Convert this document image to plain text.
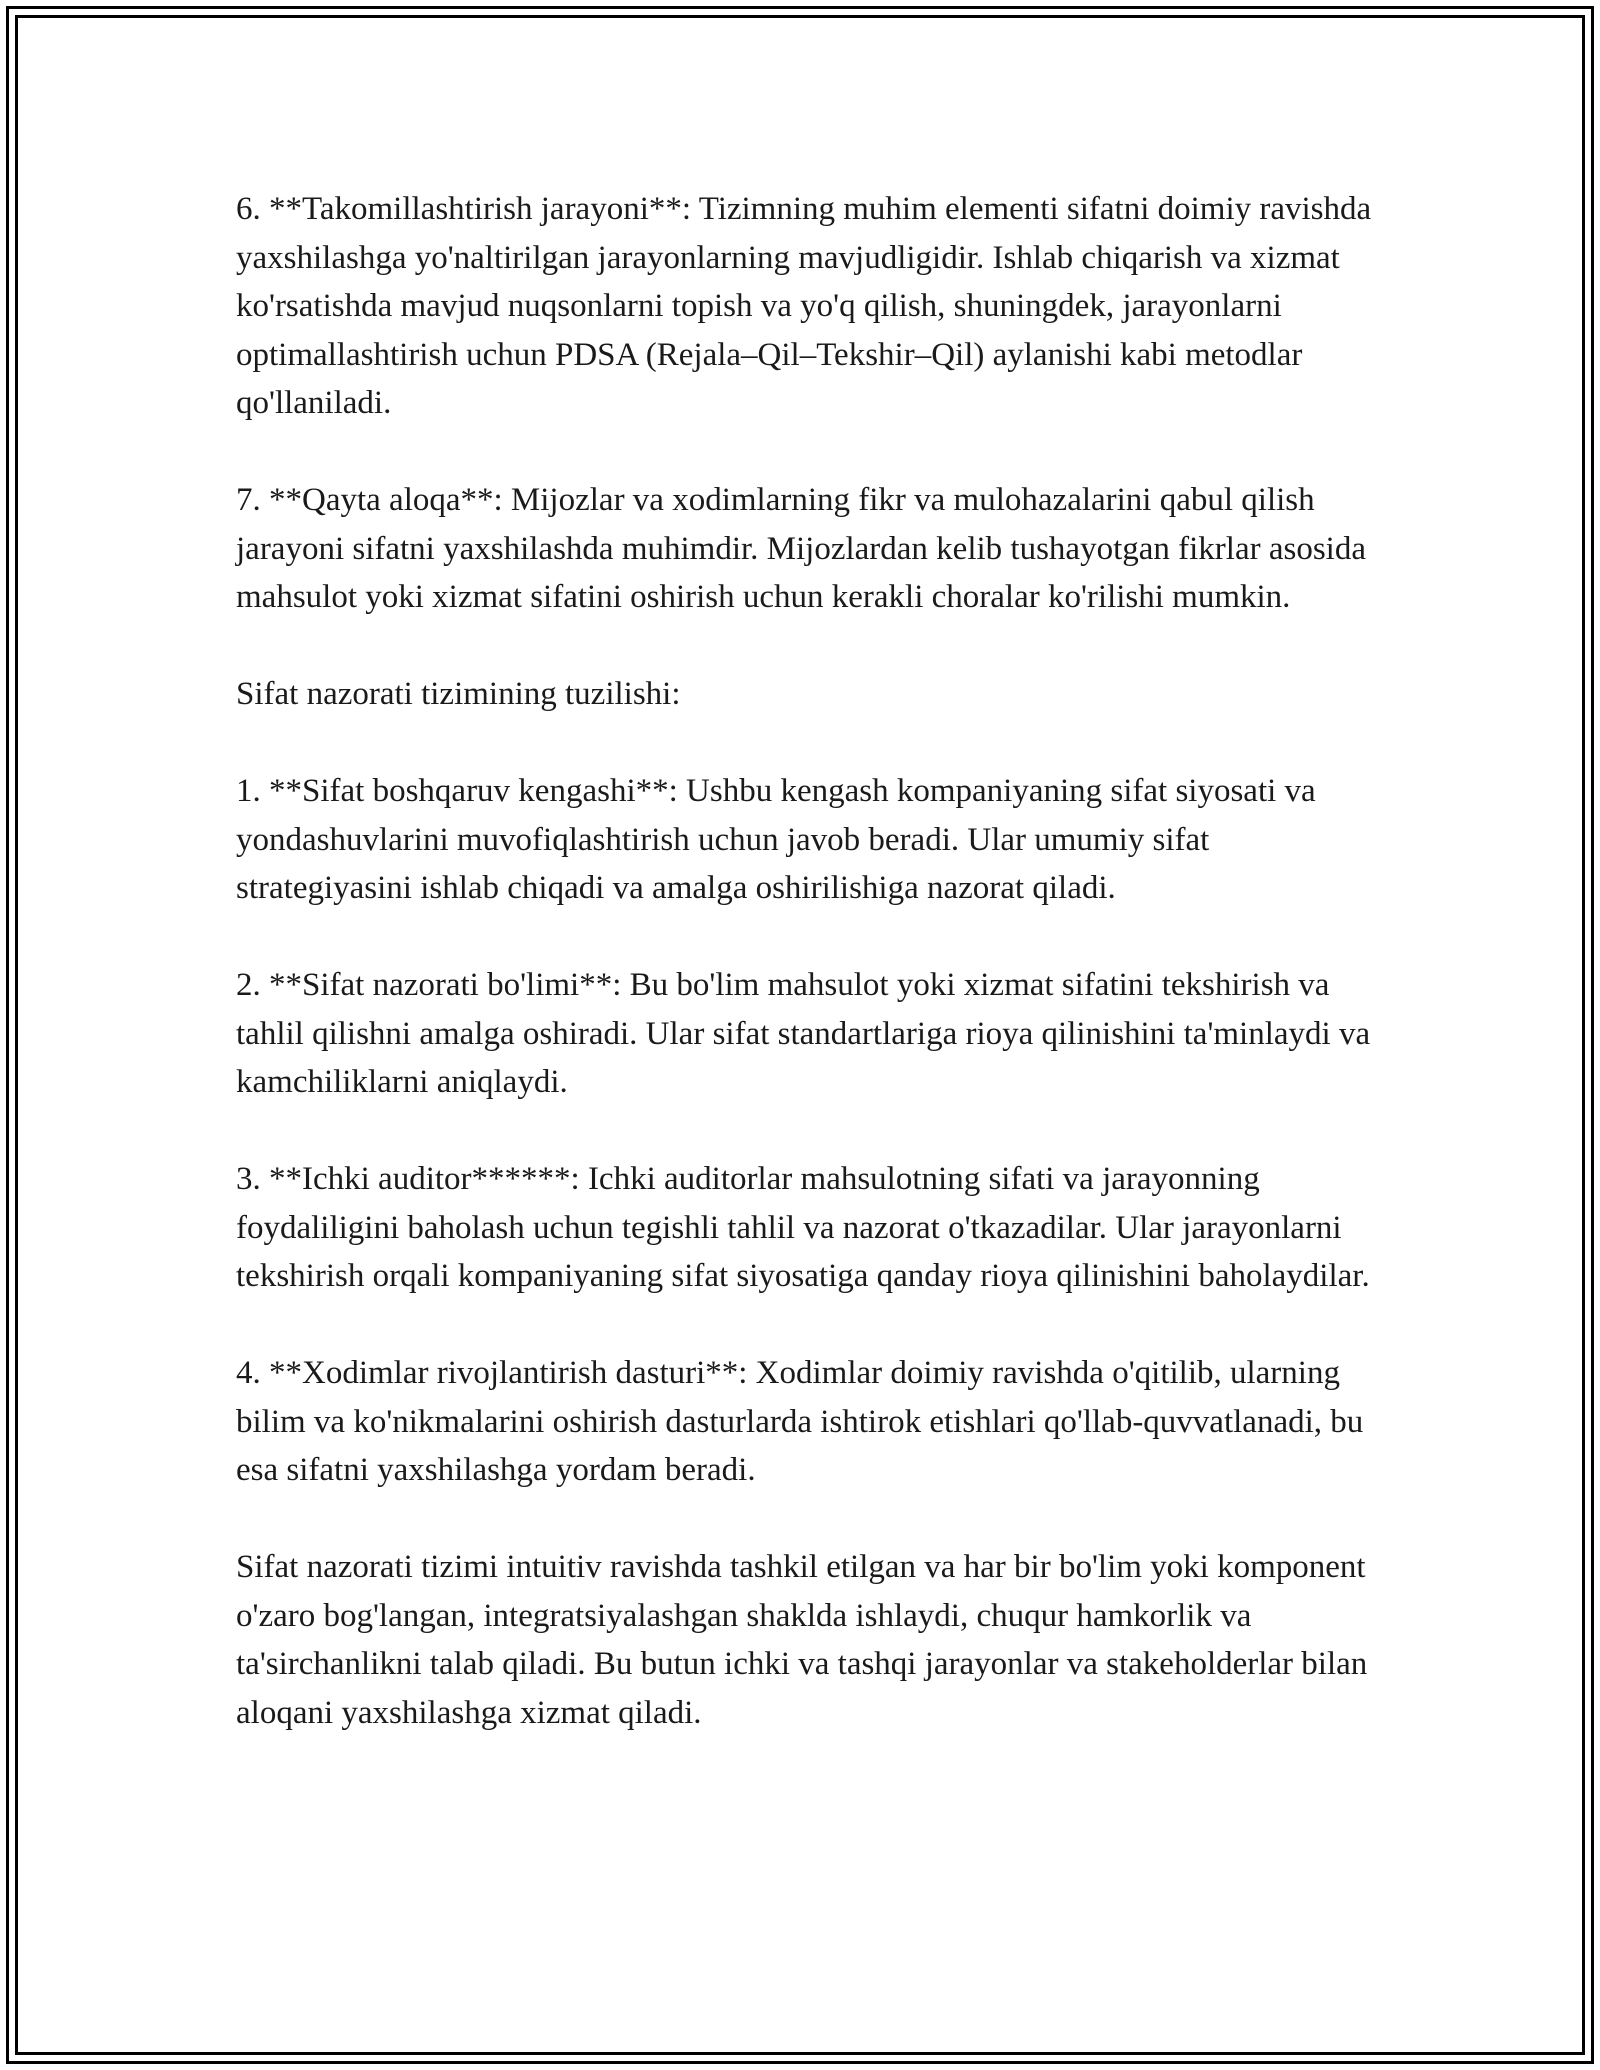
6. **Takomillashtirish jarayoni**: Tizimning muhim elementi sifatni doimiy ravishda yaxshilashga yo'naltirilgan jarayonlarning mavjudligidir. Ishlab chiqarish va xizmat ko'rsatishda mavjud nuqsonlarni topish va yo'q qilish, shuningdek, jarayonlarni optimallashtirish uchun PDSA (Rejala–Qil–Tekshir–Qil) aylanishi kabi metodlar qo'llaniladi.

7. **Qayta aloqa**: Mijozlar va xodimlarning fikr va mulohazalarini qabul qilish jarayoni sifatni yaxshilashda muhimdir. Mijozlardan kelib tushayotgan fikrlar asosida mahsulot yoki xizmat sifatini oshirish uchun kerakli choralar ko'rilishi mumkin.

Sifat nazorati tizimining tuzilishi:

1. **Sifat boshqaruv kengashi**: Ushbu kengash kompaniyaning sifat siyosati va yondashuvlarini muvofiqlashtirish uchun javob beradi. Ular umumiy sifat strategiyasini ishlab chiqadi va amalga oshirilishiga nazorat qiladi.

2. **Sifat nazorati bo'limi**: Bu bo'lim mahsulot yoki xizmat sifatini tekshirish va tahlil qilishni amalga oshiradi. Ular sifat standartlariga rioya qilinishini ta'minlaydi va kamchiliklarni aniqlaydi.

3. **Ichki auditor******: Ichki auditorlar mahsulotning sifati va jarayonning foydaliligini baholash uchun tegishli tahlil va nazorat o'tkazadilar. Ular jarayonlarni tekshirish orqali kompaniyaning sifat siyosatiga qanday rioya qilinishini baholaydilar.

4. **Xodimlar rivojlantirish dasturi**: Xodimlar doimiy ravishda o'qitilib, ularning bilim va ko'nikmalarini oshirish dasturlarda ishtirok etishlari qo'llab-quvvatlanadi, bu esa sifatni yaxshilashga yordam beradi.

Sifat nazorati tizimi intuitiv ravishda tashkil etilgan va har bir bo'lim yoki komponent o'zaro bog'langan, integratsiyalashgan shaklda ishlaydi, chuqur hamkorlik va ta'sirchanlikni talab qiladi. Bu butun ichki va tashqi jarayonlar va stakeholderlar bilan aloqani yaxshilashga xizmat qiladi.
